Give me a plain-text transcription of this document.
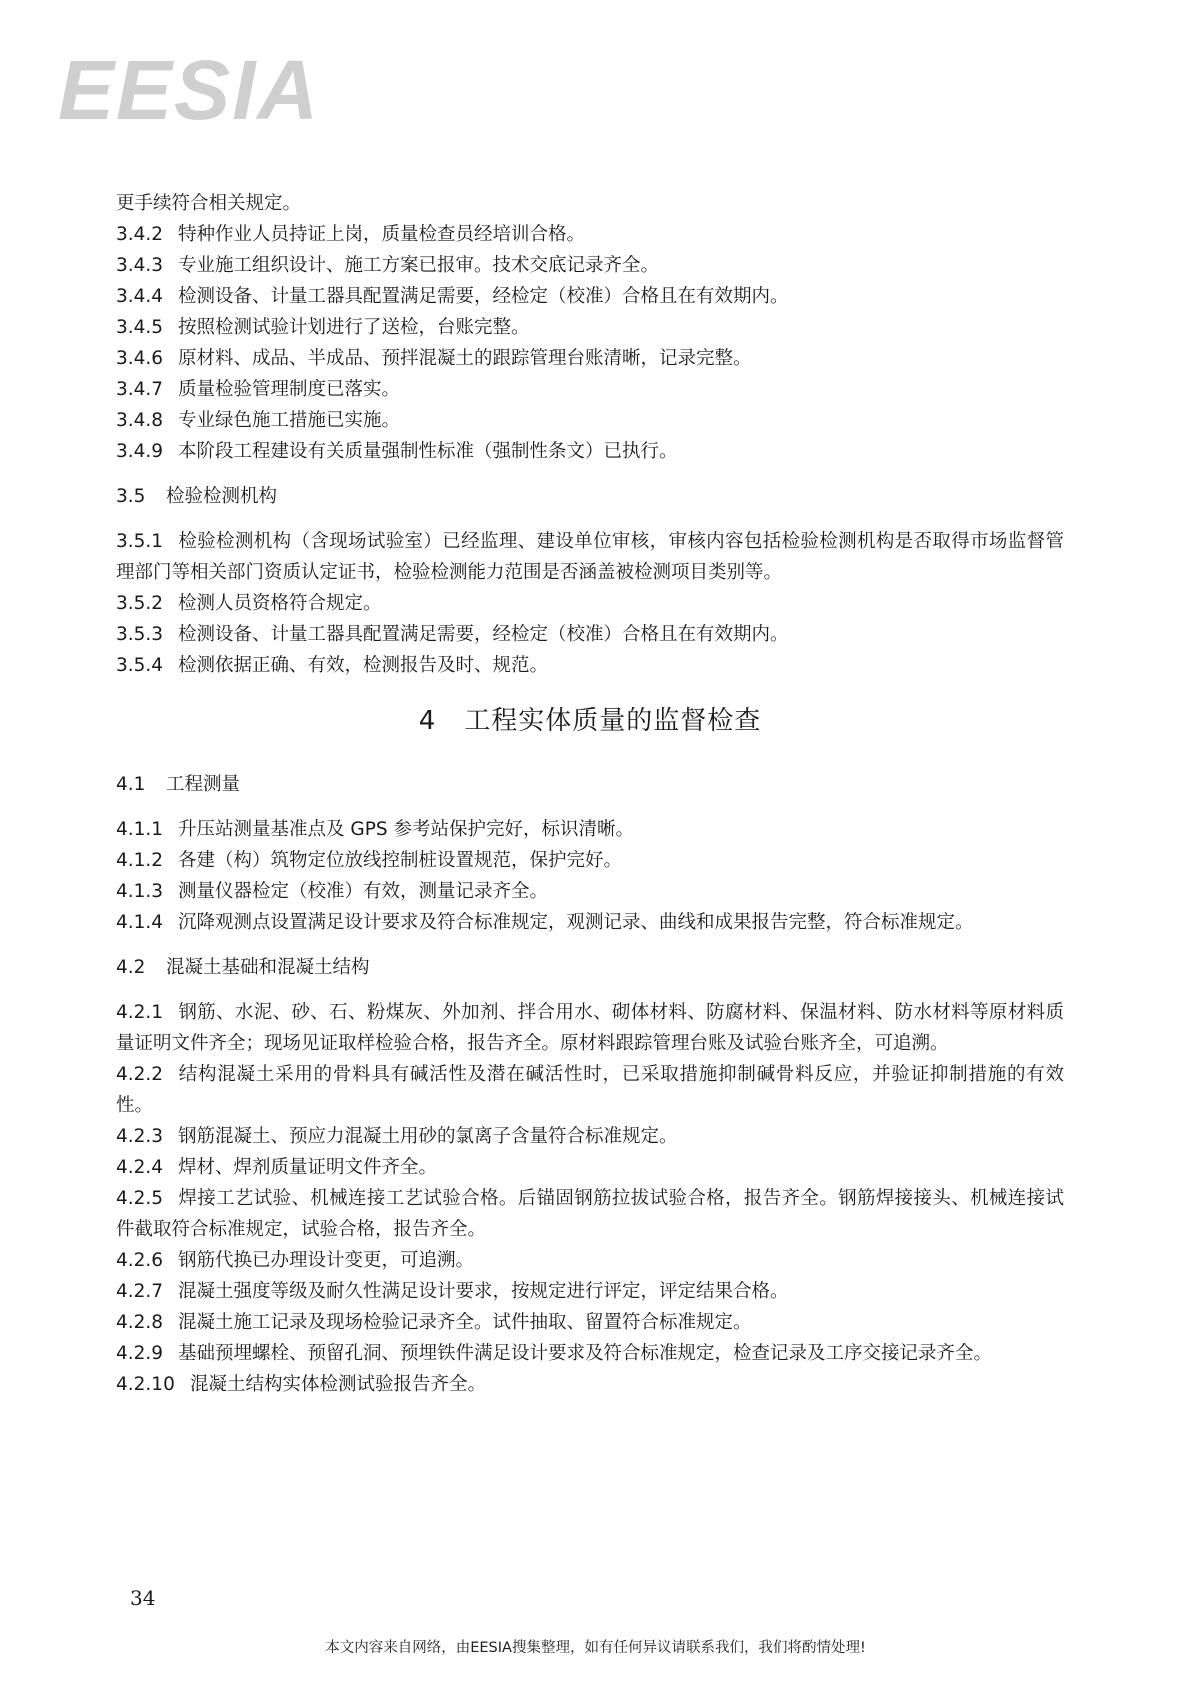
EESIA

更手续符合相关规定。

3.4.2 特种作业人员持证上岗，质量检查员经培训合格。

3.4.3 专业施工组织设计、施工方案已报审。技术交底记录齐全。

3.4.4 检测设备、计量工器具配置满足需要，经检定（校准）合格且在有效期内。

3.4.5 按照检测试验计划进行了送检，台账完整。

3.4.6 原材料、成品、半成品、预拌混凝土的跟踪管理台账清晰，记录完整。

3.4.7 质量检验管理制度已落实。

3.4.8 专业绿色施工措施已实施。

3.4.9 本阶段工程建设有关质量强制性标准（强制性条文）已执行。

3.5 检验检测机构

3.5.1 检验检测机构（含现场试验室）已经监理、建设单位审核，审核内容包括检验检测机构是否取得市场监督管理部门等相关部门资质认定证书，检验检测能力范围是否涵盖被检测项目类别等。

3.5.2 检测人员资格符合规定。

3.5.3 检测设备、计量工器具配置满足需要，经检定（校准）合格且在有效期内。

3.5.4 检测依据正确、有效，检测报告及时、规范。

4 工程实体质量的监督检查

4.1 工程测量

4.1.1 升压站测量基准点及 GPS 参考站保护完好，标识清晰。

4.1.2 各建（构）筑物定位放线控制桩设置规范，保护完好。

4.1.3 测量仪器检定（校准）有效，测量记录齐全。

4.1.4 沉降观测点设置满足设计要求及符合标准规定，观测记录、曲线和成果报告完整，符合标准规定。

4.2 混凝土基础和混凝土结构

4.2.1 钢筋、水泥、砂、石、粉煤灰、外加剂、拌合用水、砌体材料、防腐材料、保温材料、防水材料等原材料质量证明文件齐全；现场见证取样检验合格，报告齐全。原材料跟踪管理台账及试验台账齐全，可追溯。

4.2.2 结构混凝土采用的骨料具有碱活性及潜在碱活性时，已采取措施抑制碱骨料反应，并验证抑制措施的有效性。

4.2.3 钢筋混凝土、预应力混凝土用砂的氯离子含量符合标准规定。

4.2.4 焊材、焊剂质量证明文件齐全。

4.2.5 焊接工艺试验、机械连接工艺试验合格。后锚固钢筋拉拔试验合格，报告齐全。钢筋焊接接头、机械连接试件截取符合标准规定，试验合格，报告齐全。

4.2.6 钢筋代换已办理设计变更，可追溯。

4.2.7 混凝土强度等级及耐久性满足设计要求，按规定进行评定，评定结果合格。

4.2.8 混凝土施工记录及现场检验记录齐全。试件抽取、留置符合标准规定。

4.2.9 基础预埋螺栓、预留孔洞、预埋铁件满足设计要求及符合标准规定，检查记录及工序交接记录齐全。

4.2.10 混凝土结构实体检测试验报告齐全。

34
本文内容来自网络，由EESIA搜集整理，如有任何异议请联系我们，我们将酌情处理!
